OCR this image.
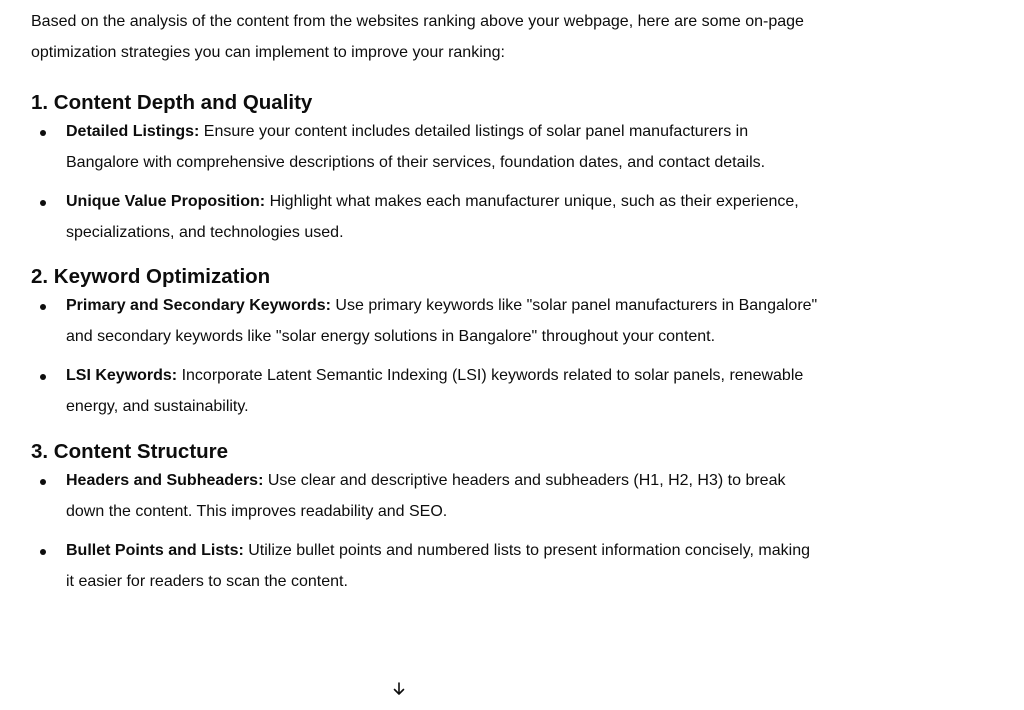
Based on the analysis of the content from the websites ranking above your webpage, here are some on-page optimization strategies you can implement to improve your ranking:

1. Content Depth and Quality
Detailed Listings: Ensure your content includes detailed listings of solar panel manufacturers in Bangalore with comprehensive descriptions of their services, foundation dates, and contact details.
Unique Value Proposition: Highlight what makes each manufacturer unique, such as their experience, specializations, and technologies used.
2. Keyword Optimization
Primary and Secondary Keywords: Use primary keywords like "solar panel manufacturers in Bangalore" and secondary keywords like "solar energy solutions in Bangalore" throughout your content.
LSI Keywords: Incorporate Latent Semantic Indexing (LSI) keywords related to solar panels, renewable energy, and sustainability.
3. Content Structure
Headers and Subheaders: Use clear and descriptive headers and subheaders (H1, H2, H3) to break down the content. This improves readability and SEO.
Bullet Points and Lists: Utilize bullet points and numbered lists to present information concisely, making it easier for readers to scan the content.
